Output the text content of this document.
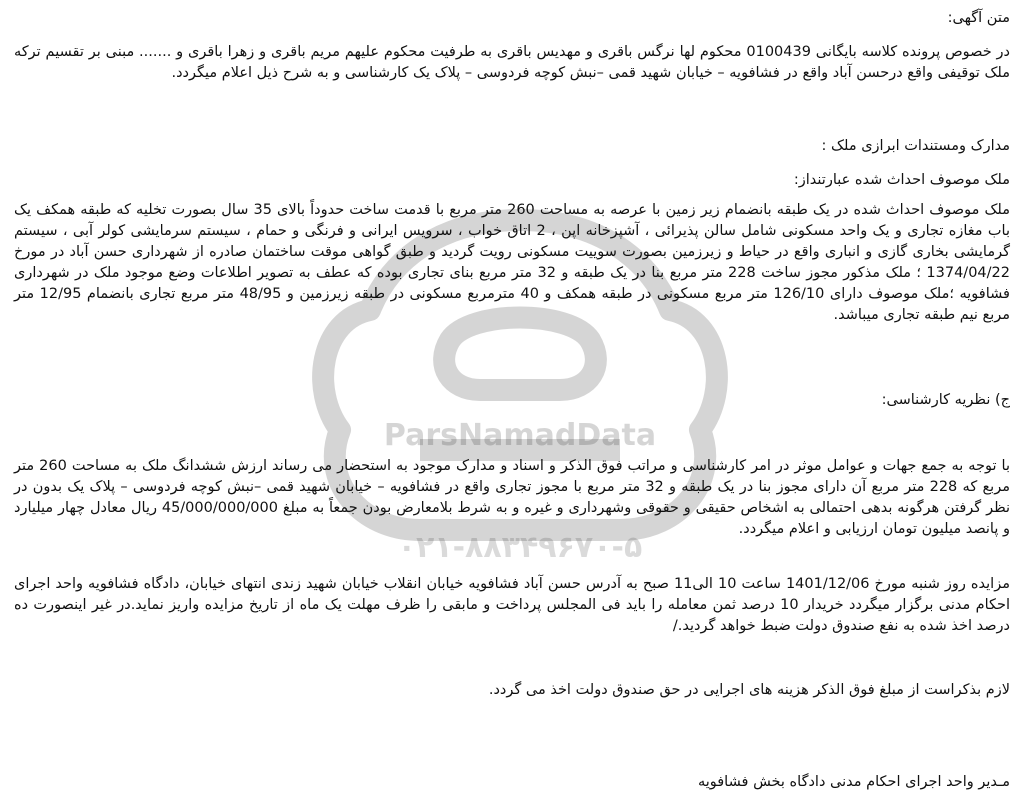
ParsNamadData
۰۲۱-۸۸۳۴۹۶۷۰-۵
متن آگهی:
در خصوص پرونده کلاسه بایگانی 0100439 محکوم لها نرگس باقری و مهدیس باقری به طرفیت محکوم علیهم مریم باقری و زهرا باقری و ....... مبنی بر تقسیم ترکه ملک توقیفی واقع درحسن آباد واقع در فشافویه – خیابان شهید قمی –نبش کوچه فردوسی – پلاک یک کارشناسی و به شرح ذیل اعلام میگردد.
مدارک ومستندات ابرازی ملک :
ملک موصوف احداث شده عبارتنداز:
ملک موصوف احداث شده در یک طبقه بانضمام زیر زمین با عرصه به مساحت 260 متر مربع با قدمت ساخت حدوداً بالای 35 سال بصورت تخلیه که طبقه همکف یک باب مغازه تجاری و یک واحد مسکونی شامل سالن پذیرائی ، آشپزخانه اپن ، 2 اتاق خواب ، سرویس ایرانی و فرنگی و حمام ، سیستم سرمایشی کولر آبی ، سیستم گرمایشی بخاری گازی و انباری واقع در حیاط و زیرزمین بصورت سوییت مسکونی رویت گردید و طبق گواهی موقت ساختمان صادره از شهرداری حسن آباد در مورخ 1374/04/22 ؛ ملک مذکور مجوز ساخت 228 متر مربع بنا در یک طبقه و 32 متر مربع بنای تجاری بوده که عطف به تصویر اطلاعات وضع موجود ملک در شهرداری فشافویه ؛ملک موصوف دارای 126/10 متر مربع مسکونی در طبقه همکف و 40 مترمربع مسکونی در طبقه زیرزمین و 48/95 متر مربع تجاری بانضمام 12/95 متر مربع نیم طبقه تجاری میباشد.
ج) نظریه کارشناسی:
با توجه به جمع جهات و عوامل موثر در امر کارشناسی و مراتب فوق الذکر و اسناد و مدارک موجود به استحضار می رساند ارزش ششدانگ ملک به مساحت 260 متر مربع که 228 متر مربع آن دارای مجوز بنا در یک طبقه و 32 متر مربع با مجوز تجاری واقع در فشافویه – خیابان شهید قمی –نبش کوچه فردوسی – پلاک یک بدون در نظر گرفتن هرگونه بدهی احتمالی به اشخاص حقیقی و حقوقی وشهرداری و غیره و به شرط بلامعارض بودن جمعاً به مبلغ 45/000/000/000 ریال معادل چهار میلیارد و پانصد میلیون تومان ارزیابی و اعلام میگردد.
مزایده روز شنبه مورخ 1401/12/06 ساعت 10 الی11 صبح به آدرس حسن آباد فشافویه خیابان انقلاب خیابان شهید زندی انتهای خیابان، دادگاه فشافویه واحد اجرای احکام مدنی برگزار میگردد خریدار 10 درصد ثمن معامله را باید فی المجلس پرداخت و مابقی را ظرف مهلت یک ماه از تاریخ مزایده واریز نماید.در غیر اینصورت ده درصد اخذ شده به نفع صندوق دولت ضبط خواهد گردید./
لازم بذکراست از مبلغ فوق الذکر هزینه های اجرایی در حق صندوق دولت اخذ می گردد.
مـدیر واحد اجرای احکام مدنی دادگاه بخش فشافویه
